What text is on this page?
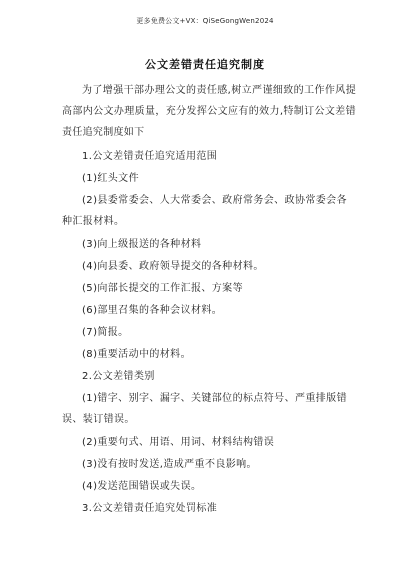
更多免费公文+VX：QiSeGongWen2024
公文差错责任追究制度

为了增强干部办理公文的责任感,树立严谨细致的工作作风提高部内公文办理质量，充分发挥公文应有的效力,特制订公文差错责任追究制度如下

1.公文差错责任追究适用范围

(1)红头文件

(2)县委常委会、人大常委会、政府常务会、政协常委会各种汇报材料。

(3)向上级报送的各种材料

(4)向县委、政府领导提交的各种材料。

(5)向部长提交的工作汇报、方案等

(6)部里召集的各种会议材料。

(7)简报。

(8)重要活动中的材料。

2.公文差错类别

(1)错字、别字、漏字、关键部位的标点符号、严重排版错误、装订错误。

(2)重要句式、用语、用词、材料结构错误

(3)没有按时发送,造成严重不良影响。

(4)发送范围错误或失误。

3.公文差错责任追究处罚标准
